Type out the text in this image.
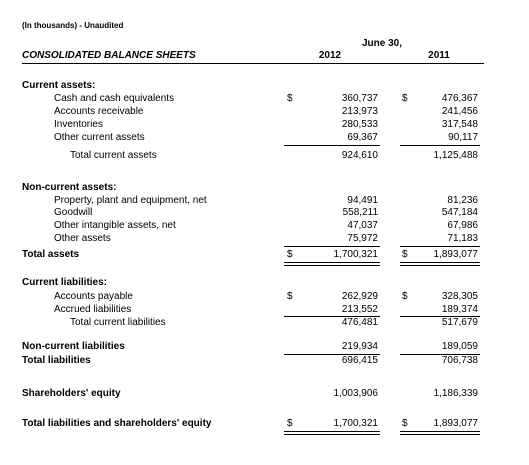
(In thousands) - Unaudited
June 30,
CONSOLIDATED BALANCE SHEETS	2012	2011
Current assets:
Cash and cash equivalents	$	360,737 $	476,367
Accounts receivable	213,973	241,456
Inventories	280,533	317,548
Other current assets	69,367	90,117
Total current assets	924,610	1,125,488
Non-current assets:
Property, plant and equipment, net	94,491	81,236
Goodwill	558,211	547,184
Other intangible assets, net	47,037	67,986
Other assets	75,972	71,183
Total assets	$	1,700,321 $	1,893,077
Current liabilities:
Accounts payable	$	262,929 $	328,305
Accrued liabilities	213,552	189,374
Total current liabilities	476,481	517,679
Non-current liabilities	219,934	189,059
Total liabilities	696,415	706,738
Shareholders' equity	1,003,906	1,186,339
Total liabilities and shareholders' equity	$	1,700,321 $	1,893,077
